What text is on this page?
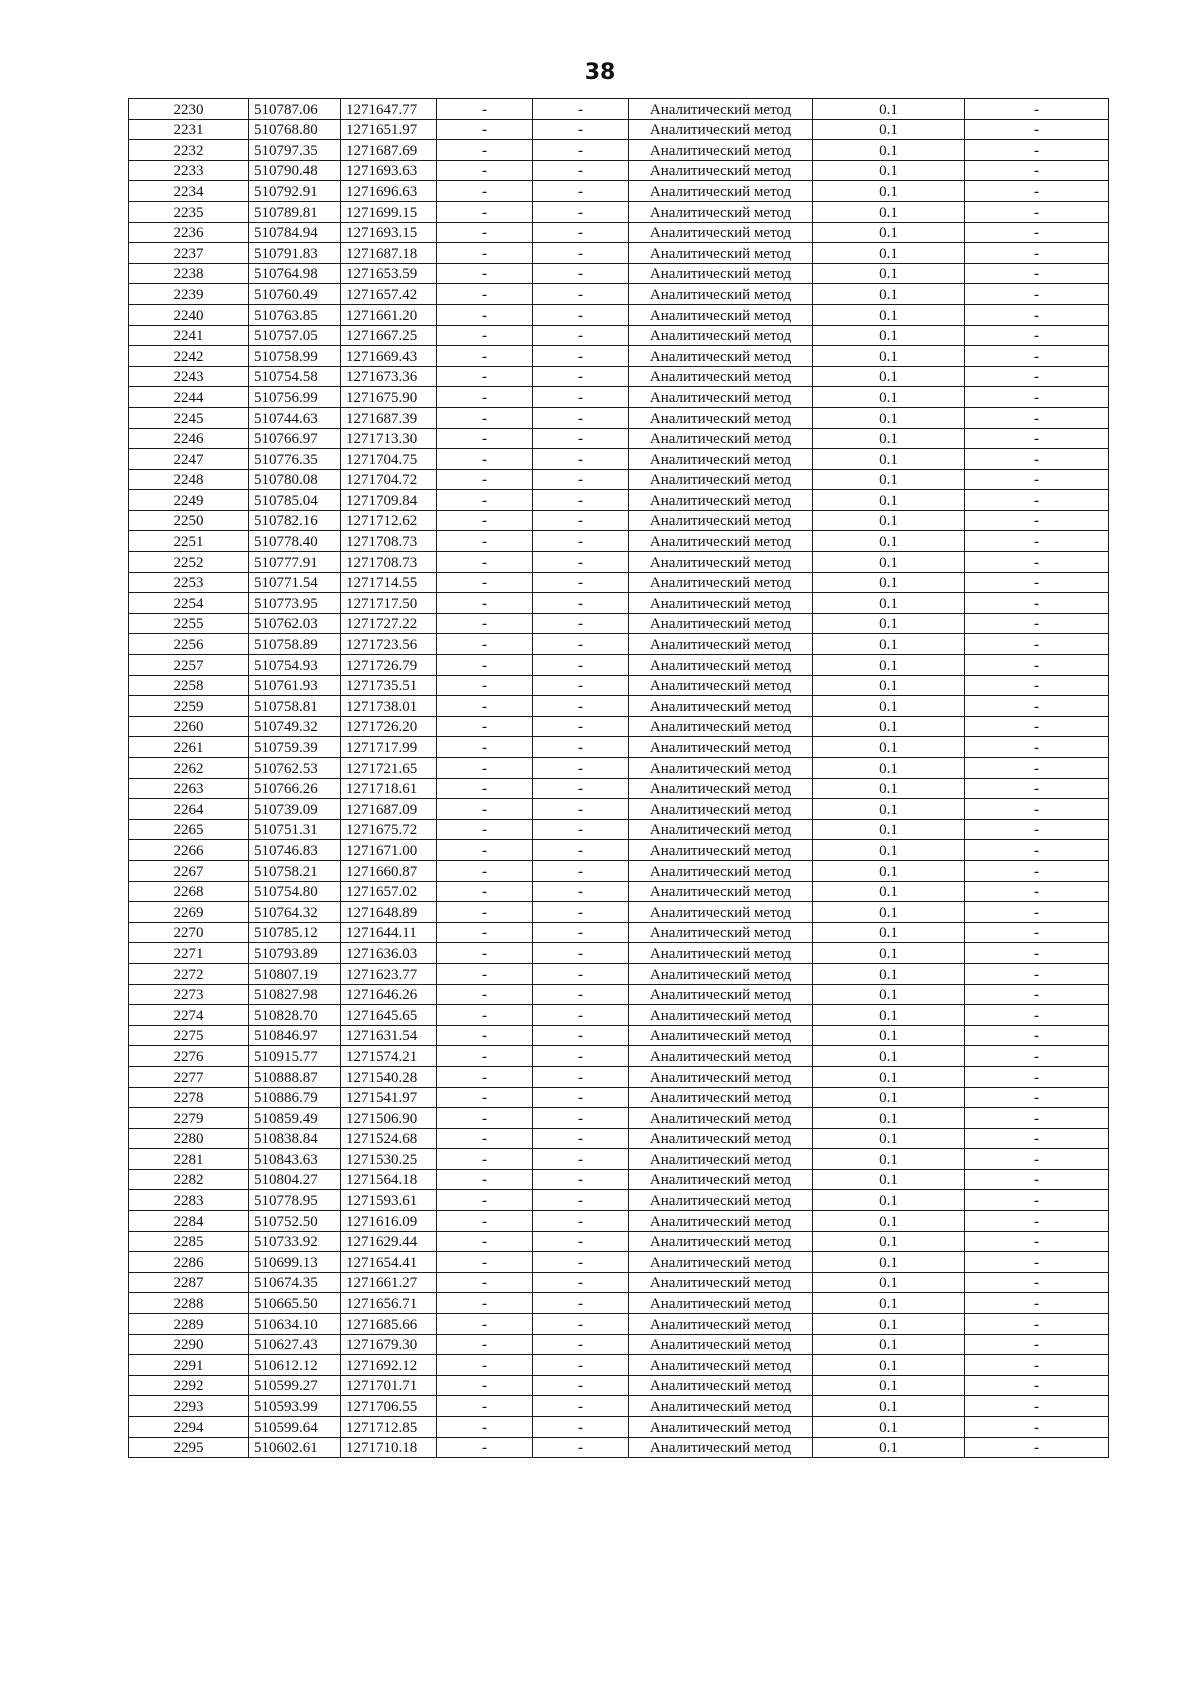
38
2230	510787.06	1271647.77	-	-	Аналитический метод	0.1	-
2231	510768.80	1271651.97	-	-	Аналитический метод	0.1	-
2232	510797.35	1271687.69	-	-	Аналитический метод	0.1	-
2233	510790.48	1271693.63	-	-	Аналитический метод	0.1	-
2234	510792.91	1271696.63	-	-	Аналитический метод	0.1	-
2235	510789.81	1271699.15	-	-	Аналитический метод	0.1	-
2236	510784.94	1271693.15	-	-	Аналитический метод	0.1	-
2237	510791.83	1271687.18	-	-	Аналитический метод	0.1	-
2238	510764.98	1271653.59	-	-	Аналитический метод	0.1	-
2239	510760.49	1271657.42	-	-	Аналитический метод	0.1	-
2240	510763.85	1271661.20	-	-	Аналитический метод	0.1	-
2241	510757.05	1271667.25	-	-	Аналитический метод	0.1	-
2242	510758.99	1271669.43	-	-	Аналитический метод	0.1	-
2243	510754.58	1271673.36	-	-	Аналитический метод	0.1	-
2244	510756.99	1271675.90	-	-	Аналитический метод	0.1	-
2245	510744.63	1271687.39	-	-	Аналитический метод	0.1	-
2246	510766.97	1271713.30	-	-	Аналитический метод	0.1	-
2247	510776.35	1271704.75	-	-	Аналитический метод	0.1	-
2248	510780.08	1271704.72	-	-	Аналитический метод	0.1	-
2249	510785.04	1271709.84	-	-	Аналитический метод	0.1	-
2250	510782.16	1271712.62	-	-	Аналитический метод	0.1	-
2251	510778.40	1271708.73	-	-	Аналитический метод	0.1	-
2252	510777.91	1271708.73	-	-	Аналитический метод	0.1	-
2253	510771.54	1271714.55	-	-	Аналитический метод	0.1	-
2254	510773.95	1271717.50	-	-	Аналитический метод	0.1	-
2255	510762.03	1271727.22	-	-	Аналитический метод	0.1	-
2256	510758.89	1271723.56	-	-	Аналитический метод	0.1	-
2257	510754.93	1271726.79	-	-	Аналитический метод	0.1	-
2258	510761.93	1271735.51	-	-	Аналитический метод	0.1	-
2259	510758.81	1271738.01	-	-	Аналитический метод	0.1	-
2260	510749.32	1271726.20	-	-	Аналитический метод	0.1	-
2261	510759.39	1271717.99	-	-	Аналитический метод	0.1	-
2262	510762.53	1271721.65	-	-	Аналитический метод	0.1	-
2263	510766.26	1271718.61	-	-	Аналитический метод	0.1	-
2264	510739.09	1271687.09	-	-	Аналитический метод	0.1	-
2265	510751.31	1271675.72	-	-	Аналитический метод	0.1	-
2266	510746.83	1271671.00	-	-	Аналитический метод	0.1	-
2267	510758.21	1271660.87	-	-	Аналитический метод	0.1	-
2268	510754.80	1271657.02	-	-	Аналитический метод	0.1	-
2269	510764.32	1271648.89	-	-	Аналитический метод	0.1	-
2270	510785.12	1271644.11	-	-	Аналитический метод	0.1	-
2271	510793.89	1271636.03	-	-	Аналитический метод	0.1	-
2272	510807.19	1271623.77	-	-	Аналитический метод	0.1	-
2273	510827.98	1271646.26	-	-	Аналитический метод	0.1	-
2274	510828.70	1271645.65	-	-	Аналитический метод	0.1	-
2275	510846.97	1271631.54	-	-	Аналитический метод	0.1	-
2276	510915.77	1271574.21	-	-	Аналитический метод	0.1	-
2277	510888.87	1271540.28	-	-	Аналитический метод	0.1	-
2278	510886.79	1271541.97	-	-	Аналитический метод	0.1	-
2279	510859.49	1271506.90	-	-	Аналитический метод	0.1	-
2280	510838.84	1271524.68	-	-	Аналитический метод	0.1	-
2281	510843.63	1271530.25	-	-	Аналитический метод	0.1	-
2282	510804.27	1271564.18	-	-	Аналитический метод	0.1	-
2283	510778.95	1271593.61	-	-	Аналитический метод	0.1	-
2284	510752.50	1271616.09	-	-	Аналитический метод	0.1	-
2285	510733.92	1271629.44	-	-	Аналитический метод	0.1	-
2286	510699.13	1271654.41	-	-	Аналитический метод	0.1	-
2287	510674.35	1271661.27	-	-	Аналитический метод	0.1	-
2288	510665.50	1271656.71	-	-	Аналитический метод	0.1	-
2289	510634.10	1271685.66	-	-	Аналитический метод	0.1	-
2290	510627.43	1271679.30	-	-	Аналитический метод	0.1	-
2291	510612.12	1271692.12	-	-	Аналитический метод	0.1	-
2292	510599.27	1271701.71	-	-	Аналитический метод	0.1	-
2293	510593.99	1271706.55	-	-	Аналитический метод	0.1	-
2294	510599.64	1271712.85	-	-	Аналитический метод	0.1	-
2295	510602.61	1271710.18	-	-	Аналитический метод	0.1	-
